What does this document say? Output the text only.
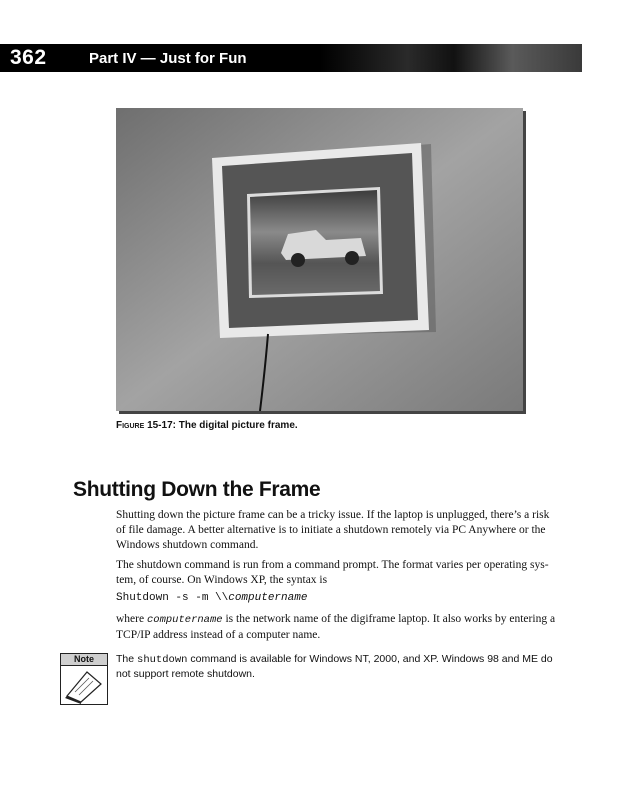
362	Part IV — Just for Fun
Figure 15-17: The digital picture frame.
Shutting Down the Frame
Shutting down the picture frame can be a tricky issue. If the laptop is unplugged, there’s a risk of file damage. A better alternative is to initiate a shutdown remotely via PC Anywhere or the Windows shutdown command.
The shutdown command is run from a command prompt. The format varies per operating sys-tem, of course. On Windows XP, the syntax is
Shutdown -s -m \\computername
where computername is the network name of the digiframe laptop. It also works by entering a TCP/IP address instead of a computer name.
Note	The shutdown command is available for Windows NT, 2000, and XP. Windows 98 and ME do not support remote shutdown.
